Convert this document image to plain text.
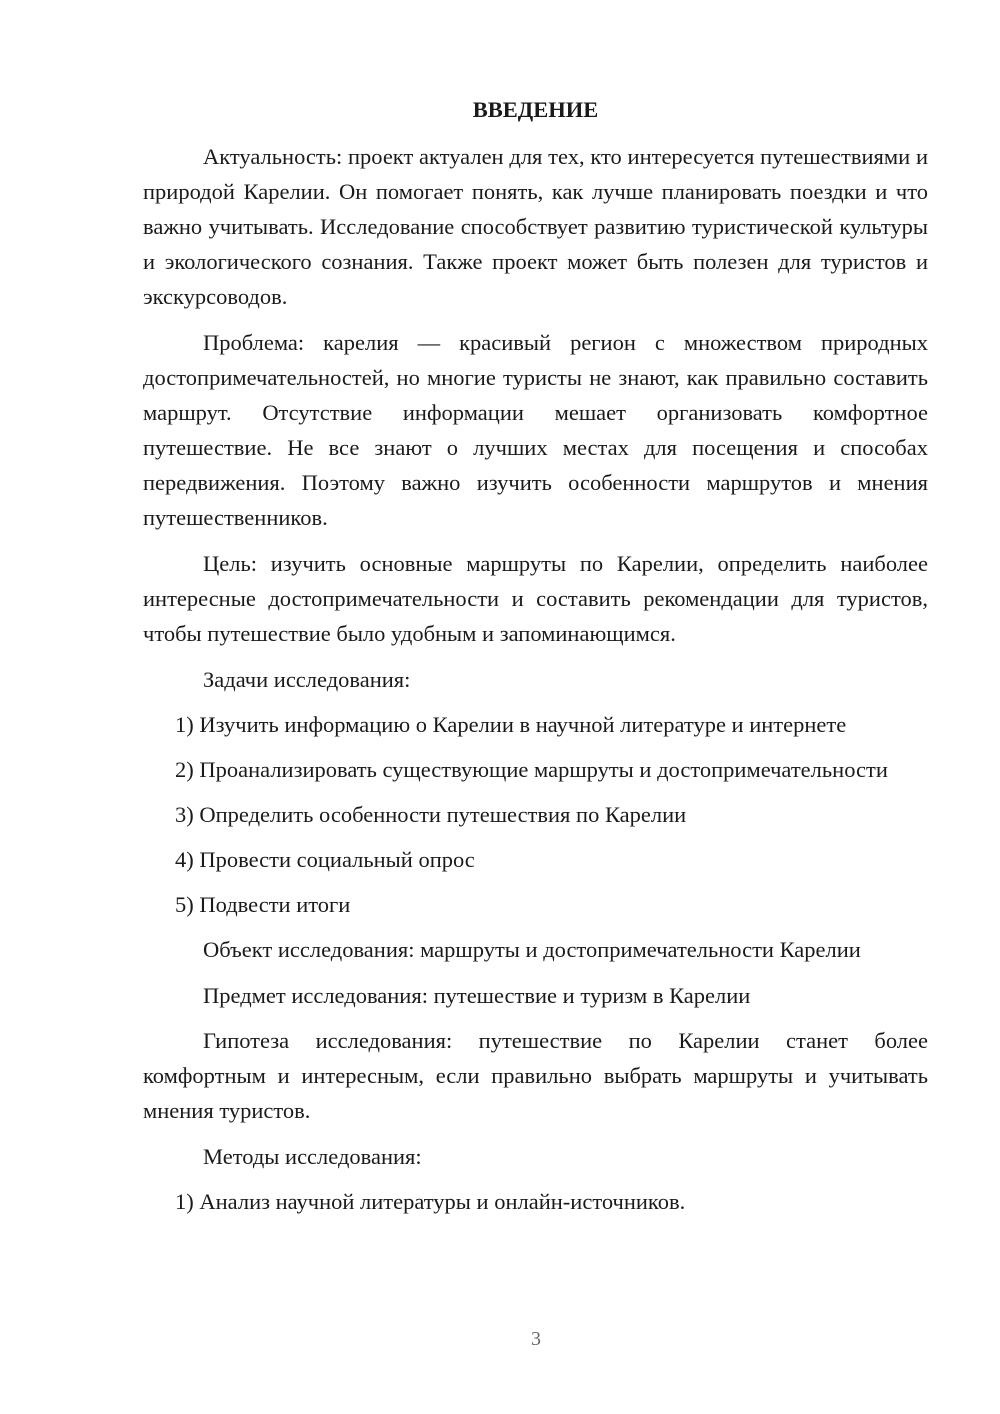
ВВЕДЕНИЕ

Актуальность: проект актуален для тех, кто интересуется путешествиями и природой Карелии. Он помогает понять, как лучше планировать поездки и что важно учитывать. Исследование способствует развитию туристической культуры и экологического сознания. Также проект может быть полезен для туристов и экскурсоводов.

Проблема: карелия — красивый регион с множеством природных достопримечательностей, но многие туристы не знают, как правильно составить маршрут. Отсутствие информации мешает организовать комфортное путешествие. Не все знают о лучших местах для посещения и способах передвижения. Поэтому важно изучить особенности маршрутов и мнения путешественников.

Цель: изучить основные маршруты по Карелии, определить наиболее интересные достопримечательности и составить рекомендации для туристов, чтобы путешествие было удобным и запоминающимся.

Задачи исследования:

1) Изучить информацию о Карелии в научной литературе и интернете

2) Проанализировать существующие маршруты и достопримечательности

3) Определить особенности путешествия по Карелии

4) Провести социальный опрос

5) Подвести итоги

Объект исследования: маршруты и достопримечательности Карелии

Предмет исследования: путешествие и туризм в Карелии

Гипотеза исследования: путешествие по Карелии станет более комфортным и интересным, если правильно выбрать маршруты и учитывать мнения туристов.

Методы исследования:

1) Анализ научной литературы и онлайн-источников.

3
